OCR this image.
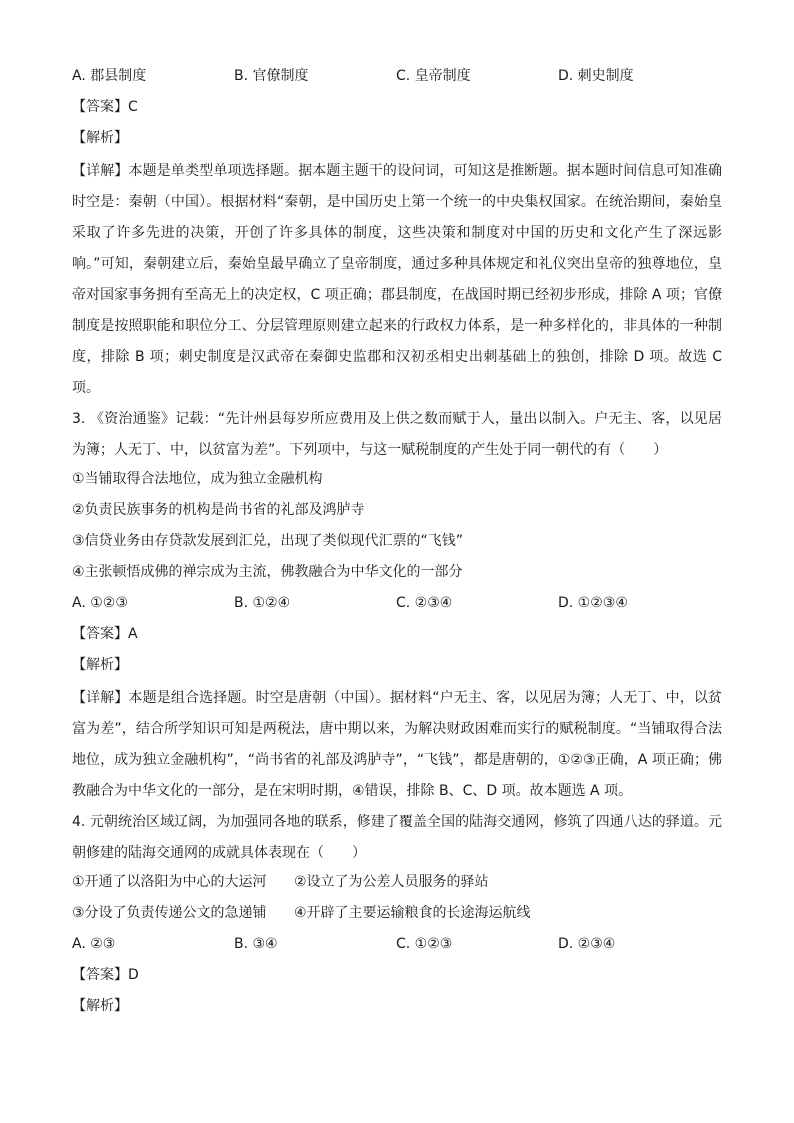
A. 郡县制度	B. 官僚制度	C. 皇帝制度	D. 刺史制度
【答案】C
【解析】
【详解】本题是单类型单项选择题。据本题主题干的设问词，可知这是推断题。据本题时间信息可知准确时空是：秦朝（中国）。根据材料“秦朝，是中国历史上第一个统一的中央集权国家。在统治期间，秦始皇采取了许多先进的决策，开创了许多具体的制度，这些决策和制度对中国的历史和文化产生了深远影响。”可知，秦朝建立后，秦始皇最早确立了皇帝制度，通过多种具体规定和礼仪突出皇帝的独尊地位，皇帝对国家事务拥有至高无上的决定权，C 项正确；郡县制度，在战国时期已经初步形成，排除 A 项；官僚制度是按照职能和职位分工、分层管理原则建立起来的行政权力体系，是一种多样化的，非具体的一种制度，排除 B 项；刺史制度是汉武帝在秦御史监郡和汉初丞相史出刺基础上的独创，排除 D 项。故选 C 项。
3. 《资治通鉴》记载：“先计州县每岁所应费用及上供之数而赋于人，量出以制入。户无主、客，以见居为簿；人无丁、中，以贫富为差”。下列项中，与这一赋税制度的产生处于同一朝代的有（　　）
①当铺取得合法地位，成为独立金融机构
②负责民族事务的机构是尚书省的礼部及鸿胪寺
③信贷业务由存贷款发展到汇兑，出现了类似现代汇票的“飞钱”
④主张顿悟成佛的禅宗成为主流，佛教融合为中华文化的一部分
A. ①②③	B. ①②④	C. ②③④	D. ①②③④
【答案】A
【解析】
【详解】本题是组合选择题。时空是唐朝（中国）。据材料“户无主、客，以见居为簿；人无丁、中，以贫富为差”，结合所学知识可知是两税法，唐中期以来，为解决财政困难而实行的赋税制度。“当铺取得合法地位，成为独立金融机构”，“尚书省的礼部及鸿胪寺”，“飞钱”，都是唐朝的，①②③正确，A 项正确；佛教融合为中华文化的一部分，是在宋明时期，④错误，排除 B、C、D 项。故本题选 A 项。
4. 元朝统治区域辽阔，为加强同各地的联系，修建了覆盖全国的陆海交通网，修筑了四通八达的驿道。元朝修建的陆海交通网的成就具体表现在（　　）
①开通了以洛阳为中心的大运河	②设立了为公差人员服务的驿站
③分设了负责传递公文的急递铺	④开辟了主要运输粮食的长途海运航线
A. ②③	B. ③④	C. ①②③	D. ②③④
【答案】D
【解析】
